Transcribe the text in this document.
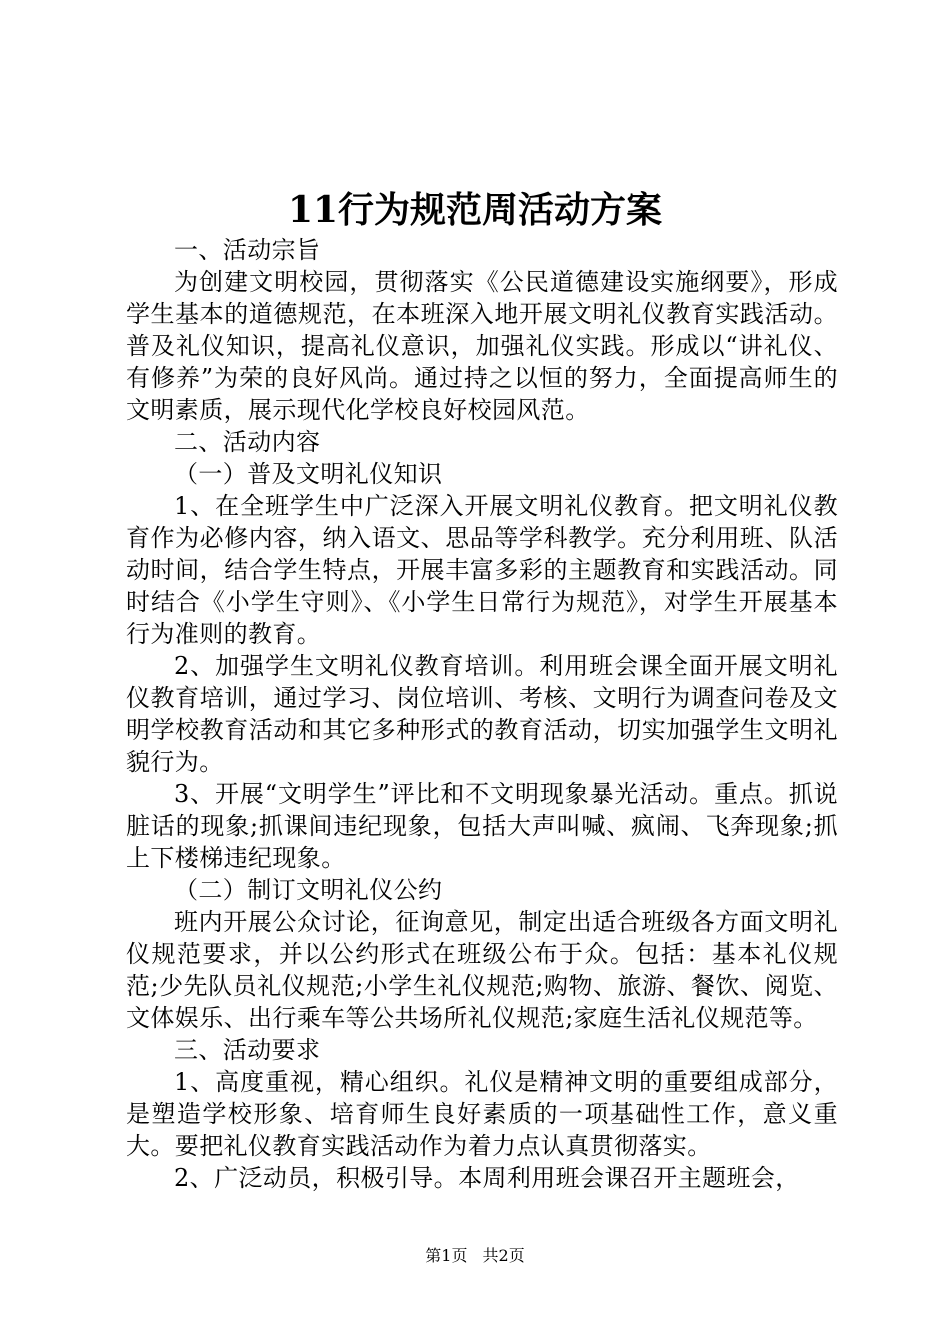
11行为规范周活动方案

一、活动宗旨

为创建文明校园，贯彻落实《公民道德建设实施纲要》，形成学生基本的道德规范，在本班深入地开展文明礼仪教育实践活动。普及礼仪知识，提高礼仪意识，加强礼仪实践。形成以“讲礼仪、有修养”为荣的良好风尚。通过持之以恒的努力，全面提高师生的文明素质，展示现代化学校良好校园风范。

二、活动内容

（一）普及文明礼仪知识

1、在全班学生中广泛深入开展文明礼仪教育。把文明礼仪教育作为必修内容，纳入语文、思品等学科教学。充分利用班、队活动时间，结合学生特点，开展丰富多彩的主题教育和实践活动。同时结合《小学生守则》、《小学生日常行为规范》，对学生开展基本行为准则的教育。

2、加强学生文明礼仪教育培训。利用班会课全面开展文明礼仪教育培训，通过学习、岗位培训、考核、文明行为调查问卷及文明学校教育活动和其它多种形式的教育活动，切实加强学生文明礼貌行为。

3、开展“文明学生”评比和不文明现象暴光活动。重点。抓说脏话的现象;抓课间违纪现象，包括大声叫喊、疯闹、飞奔现象;抓上下楼梯违纪现象。

（二）制订文明礼仪公约

班内开展公众讨论，征询意见，制定出适合班级各方面文明礼仪规范要求，并以公约形式在班级公布于众。包括：基本礼仪规范;少先队员礼仪规范;小学生礼仪规范;购物、旅游、餐饮、阅览、文体娱乐、出行乘车等公共场所礼仪规范;家庭生活礼仪规范等。

三、活动要求

1、高度重视，精心组织。礼仪是精神文明的重要组成部分，是塑造学校形象、培育师生良好素质的一项基础性工作，意义重大。要把礼仪教育实践活动作为着力点认真贯彻落实。

2、广泛动员，积极引导。本周利用班会课召开主题班会，

第1页 共2页
